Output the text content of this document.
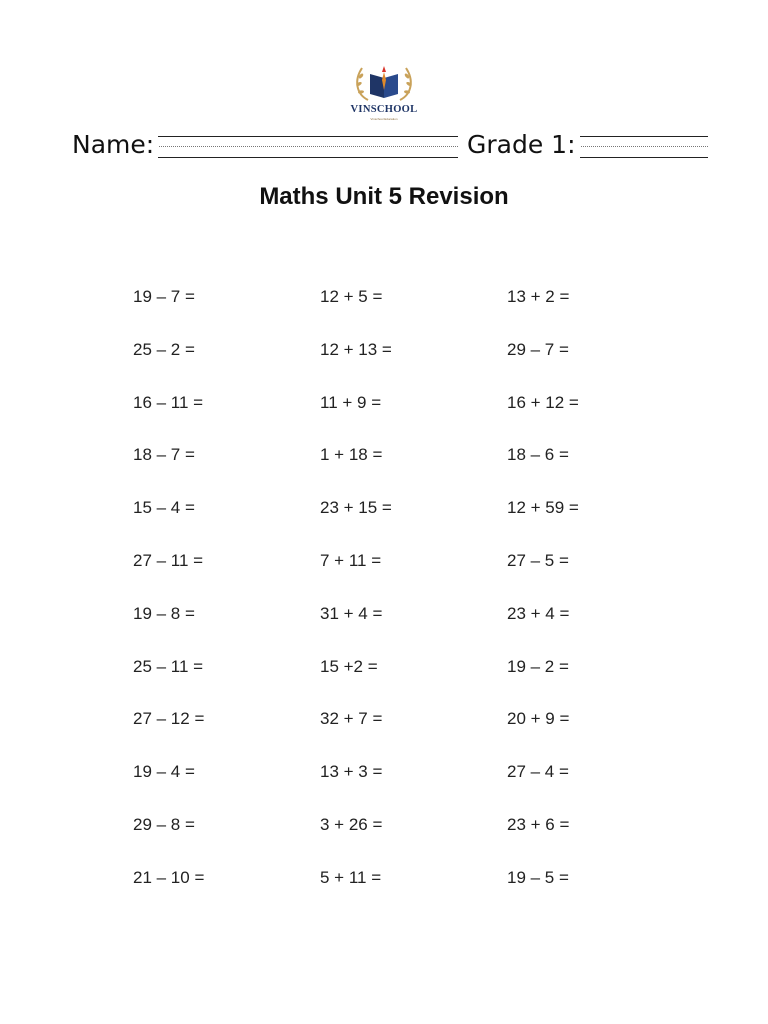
VINSCHOOL
Vinschool Education
Name:	Grade 1:
Maths Unit 5 Revision
19 – 7 =
25 – 2 =
16 – 11 =
18 – 7 =
15 – 4 =
27 – 11 =
19 – 8 =
25 – 11 =
27 – 12 =
19 – 4 =
29 – 8 =
21 – 10 =
12 + 5 =
12 + 13 =
11 + 9 =
1 + 18 =
23 + 15 =
7 + 11 =
31 + 4 =
15 +2 =
32 + 7 =
13 + 3 =
3 + 26 =
5 + 11 =
13 + 2 =
29 – 7 =
16 + 12 =
18 – 6 =
12 + 59 =
27 – 5 =
23 + 4 =
19 – 2 =
20 + 9 =
27 – 4 =
23 + 6 =
19 – 5 =
